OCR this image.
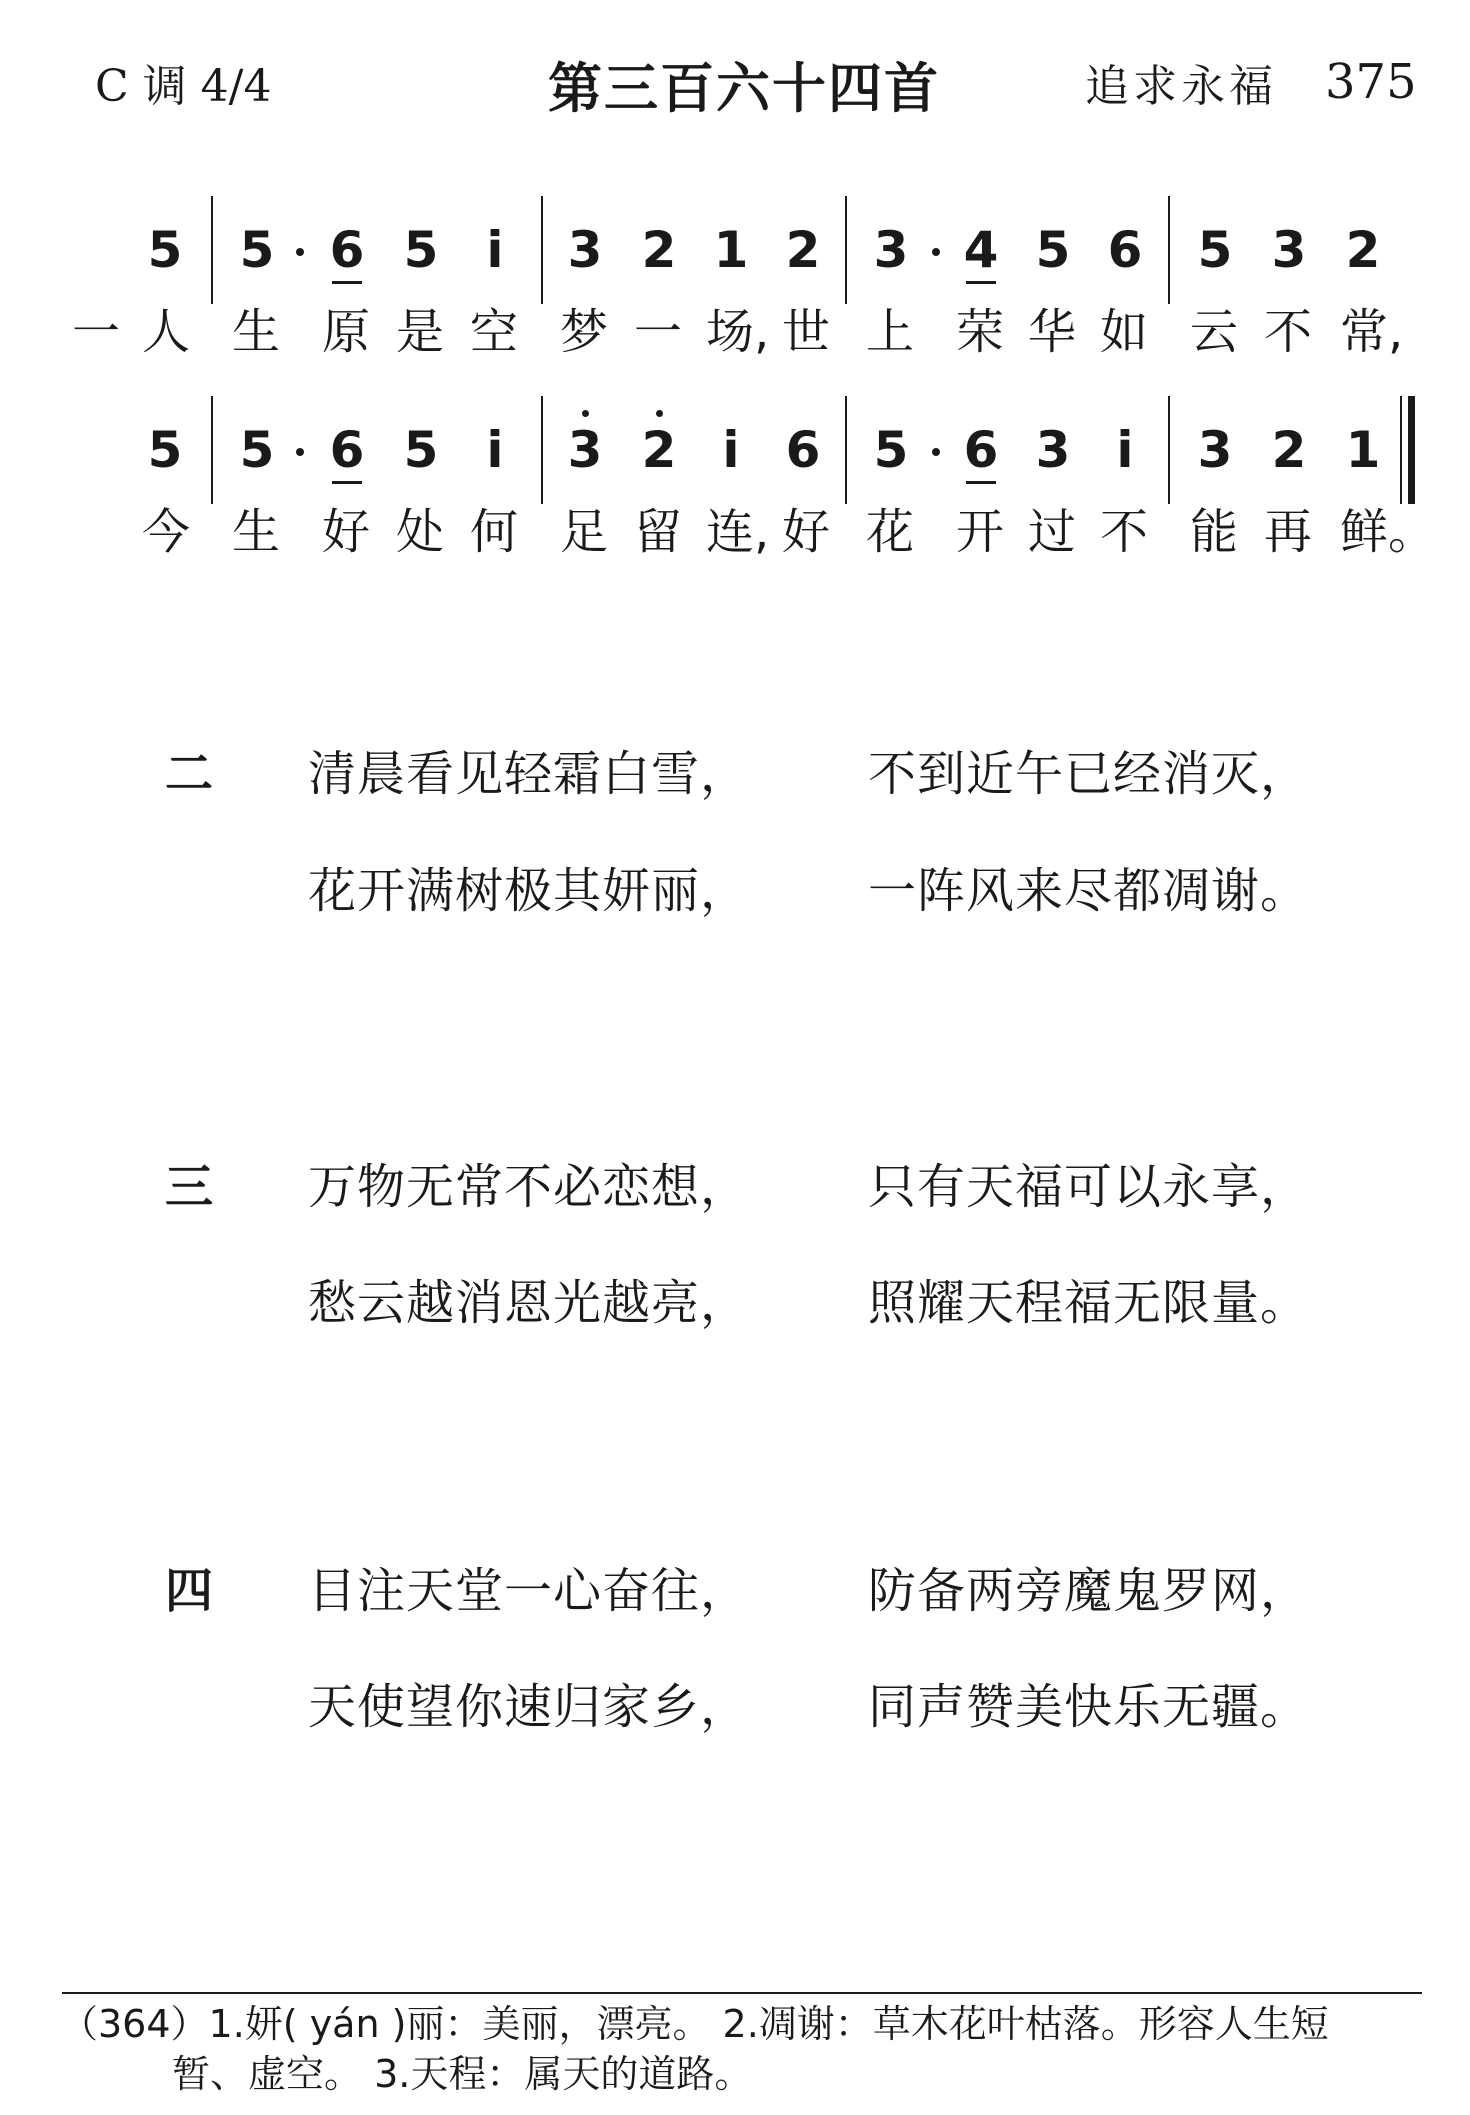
C 调 4/4	第三百六十四首	追求永福 375
5 5 6 5 i	3 2 1 2 3 4 5 6 5 3 2
一 人 生 原 是 空 梦 一 场, 世 上 荣 华 如 云 不 常,
5 5 6 5 i	3 2 i 6 5 6 3 i	3 2 1
今 生 好 处 何 足 留 连, 好 花 开 过 不 能 再 鲜。
二 清晨看见轻霜白雪， 不到近午已经消灭，
花开满树极其妍丽， 一阵风来尽都凋谢。
三 万物无常不必恋想， 只有天福可以永享，
愁云越消恩光越亮， 照耀天程福无限量。
四 目注天堂一心奋往， 防备两旁魔鬼罗网，
天使望你速归家乡， 同声赞美快乐无疆。
（364）1.妍( yán )丽：美丽，漂亮。 2.凋谢：草木花叶枯落。形容人生短
暂、虚空。 3.天程：属天的道路。
